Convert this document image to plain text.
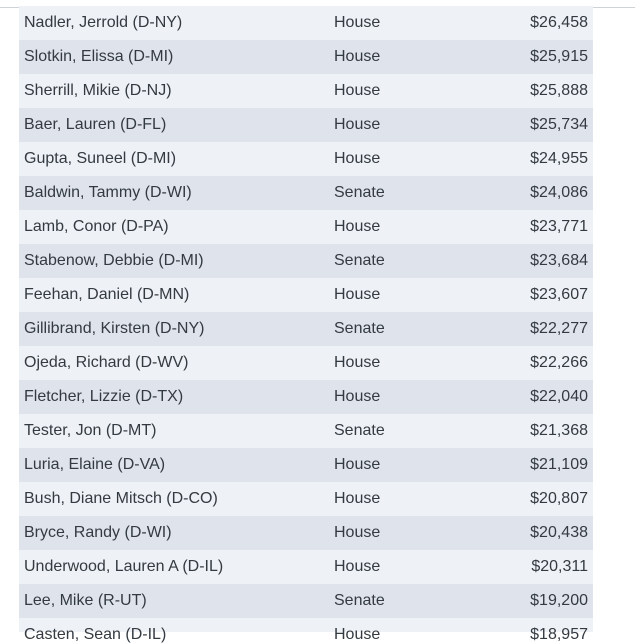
Nadler, Jerrold (D-NY)	House	$26,458
Slotkin, Elissa (D-MI)	House	$25,915
Sherrill, Mikie (D-NJ)	House	$25,888
Baer, Lauren (D-FL)	House	$25,734
Gupta, Suneel (D-MI)	House	$24,955
Baldwin, Tammy (D-WI)	Senate	$24,086
Lamb, Conor (D-PA)	House	$23,771
Stabenow, Debbie (D-MI)	Senate	$23,684
Feehan, Daniel (D-MN)	House	$23,607
Gillibrand, Kirsten (D-NY)	Senate	$22,277
Ojeda, Richard (D-WV)	House	$22,266
Fletcher, Lizzie (D-TX)	House	$22,040
Tester, Jon (D-MT)	Senate	$21,368
Luria, Elaine (D-VA)	House	$21,109
Bush, Diane Mitsch (D-CO)	House	$20,807
Bryce, Randy (D-WI)	House	$20,438
Underwood, Lauren A (D-IL)	House	$20,311
Lee, Mike (R-UT)	Senate	$19,200
Casten, Sean (D-IL)	House	$18,957
